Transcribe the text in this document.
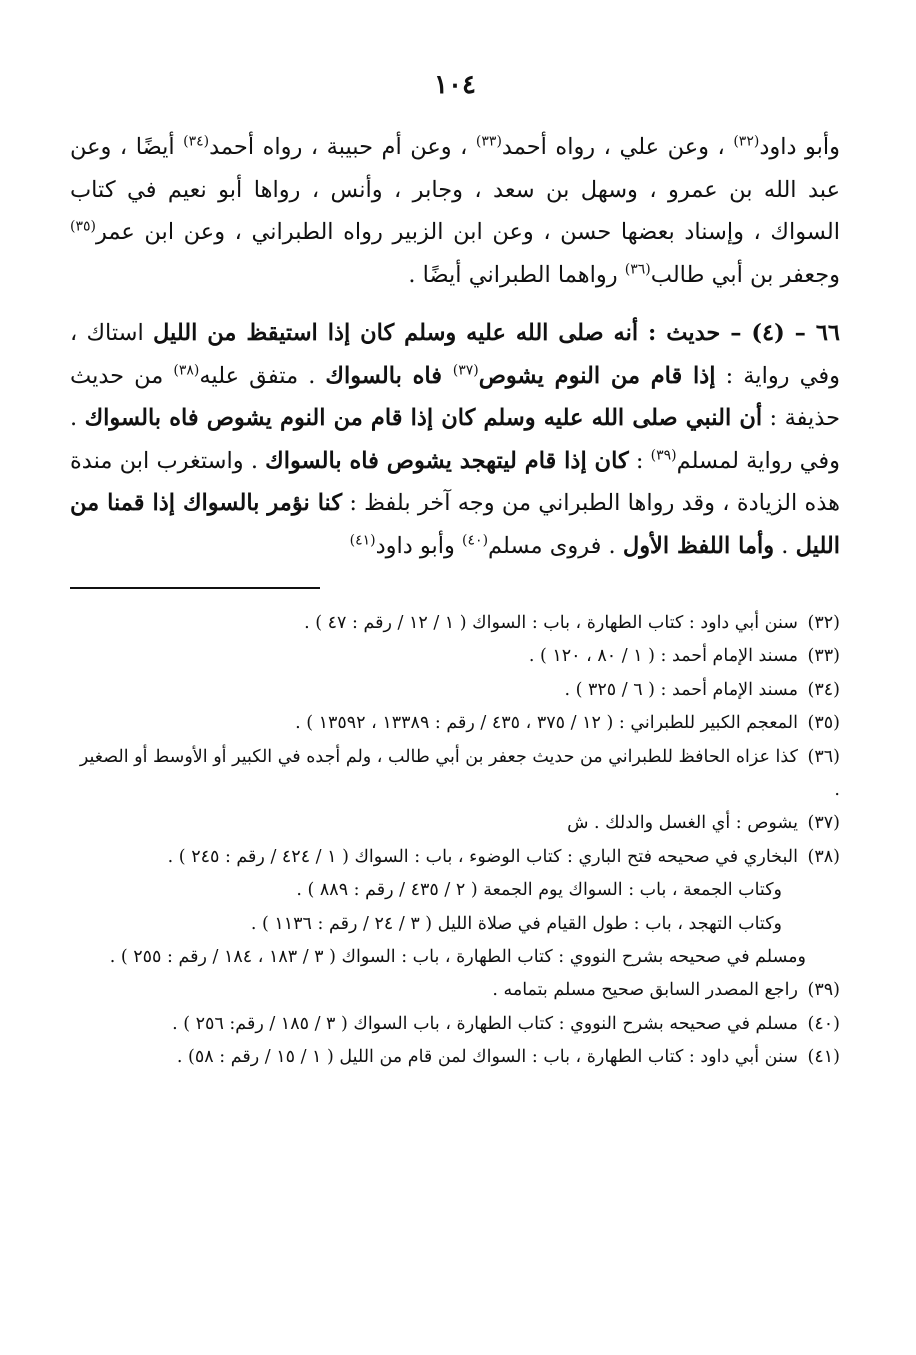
١٠٤

وأبو داود$^{(٣٢)}$ ، وعن علي ، رواه أحمد$^{(٣٣)}$ ، وعن أم حبيبة ، رواه أحمد$^{(٣٤)}$ أيضًا ، وعن عبد الله بن عمرو ، وسهل بن سعد ، وجابر ، وأنس ، رواها أبو نعيم في كتاب السواك ، وإسناد بعضها حسن ، وعن ابن الزبير رواه الطبراني ، وعن ابن عمر$^{(٣٥)}$ وجعفر بن أبي طالب$^{(٣٦)}$ رواهما الطبراني أيضًا .

٦٦ – (٤) – حديث : أنه صلى الله عليه وسلم كان إذا استيقظ من الليل استاك ، وفي رواية : إذا قام من النوم يشوص$^{(٣٧)}$ فاه بالسواك . متفق عليه$^{(٣٨)}$ من حديث حذيفة : أن النبي صلى الله عليه وسلم كان إذا قام من النوم يشوص فاه بالسواك . وفي رواية لمسلم$^{(٣٩)}$ : كان إذا قام ليتهجد يشوص فاه بالسواك . واستغرب ابن مندة هذه الزيادة ، وقد رواها الطبراني من وجه آخر بلفظ : كنا نؤمر بالسواك إذا قمنا من الليل . وأما اللفظ الأول . فروى مسلم$^{(٤٠)}$ وأبو داود$^{(٤١)}$

(٣٢) سنن أبي داود : كتاب الطهارة ، باب : السواك ( ١ / ١٢ / رقم : ٤٧ ) .

(٣٣) مسند الإمام أحمد : ( ١ / ٨٠ ، ١٢٠ ) .

(٣٤) مسند الإمام أحمد : ( ٦ / ٣٢٥ ) .

(٣٥) المعجم الكبير للطبراني : ( ١٢ / ٣٧٥ ، ٤٣٥ / رقم : ١٣٣٨٩ ، ١٣٥٩٢ ) .

(٣٦) كذا عزاه الحافظ للطبراني من حديث جعفر بن أبي طالب ، ولم أجده في الكبير أو الأوسط أو الصغير .

(٣٧) يشوص : أي الغسل والدلك . ش

(٣٨) البخاري في صحيحه فتح الباري : كتاب الوضوء ، باب : السواك ( ١ / ٤٢٤ / رقم : ٢٤٥ ) .

وكتاب الجمعة ، باب : السواك يوم الجمعة ( ٢ / ٤٣٥ / رقم : ٨٨٩ ) .

وكتاب التهجد ، باب : طول القيام في صلاة الليل ( ٣ / ٢٤ / رقم : ١١٣٦ ) .

ومسلم في صحيحه بشرح النووي : كتاب الطهارة ، باب : السواك ( ٣ / ١٨٣ ، ١٨٤ / رقم : ٢٥٥ ) .

(٣٩) راجع المصدر السابق صحيح مسلم بتمامه .

(٤٠) مسلم في صحيحه بشرح النووي : كتاب الطهارة ، باب السواك ( ٣ / ١٨٥ / رقم: ٢٥٦ ) .

(٤١) سنن أبي داود : كتاب الطهارة ، باب : السواك لمن قام من الليل ( ١ / ١٥ / رقم : ٥٨) .
